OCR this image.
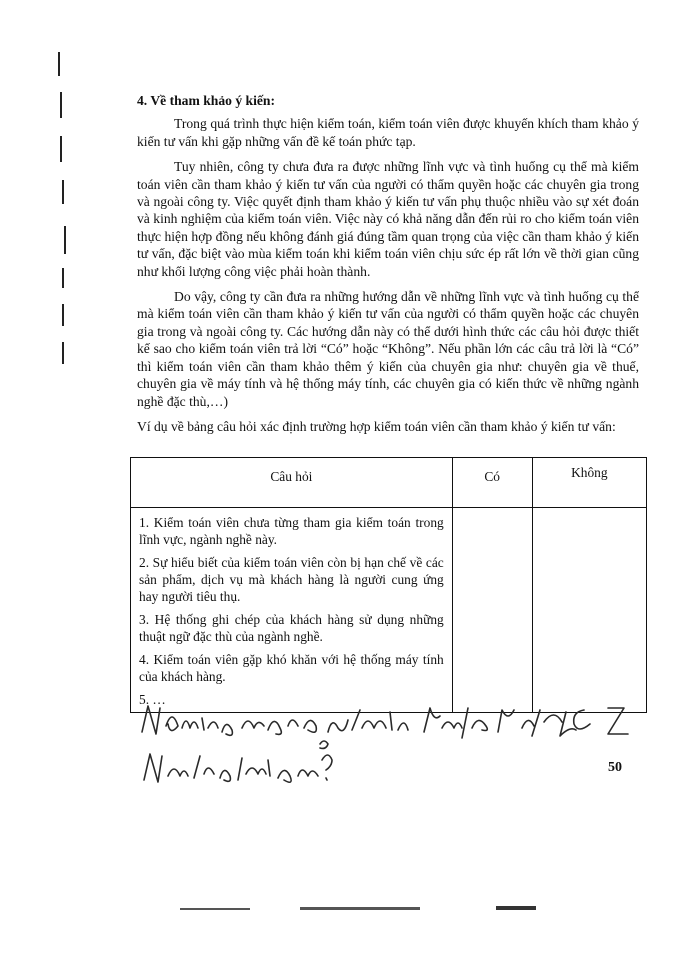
4. Về tham khảo ý kiến:

Trong quá trình thực hiện kiểm toán, kiểm toán viên được khuyến khích tham khảo ý kiến tư vấn khi gặp những vấn đề kế toán phức tạp.

Tuy nhiên, công ty chưa đưa ra được những lĩnh vực và tình huống cụ thể mà kiểm toán viên cần tham khảo ý kiến tư vấn của người có thẩm quyền hoặc các chuyên gia trong và ngoài công ty. Việc quyết định tham khảo ý kiến tư vấn phụ thuộc nhiều vào sự xét đoán và kinh nghiệm của kiểm toán viên. Việc này có khả năng dẫn đến rủi ro cho kiểm toán viên thực hiện hợp đồng nếu không đánh giá đúng tầm quan trọng của việc cần tham khảo ý kiến tư vấn, đặc biệt vào mùa kiểm toán khi kiểm toán viên chịu sức ép rất lớn về thời gian cũng như khối lượng công việc phải hoàn thành.

Do vậy, công ty cần đưa ra những hướng dẫn về những lĩnh vực và tình huống cụ thể mà kiểm toán viên cần tham khảo ý kiến tư vấn của người có thẩm quyền hoặc các chuyên gia trong và ngoài công ty. Các hướng dẫn này có thể dưới hình thức các câu hỏi được thiết kế sao cho kiểm toán viên trả lời “Có” hoặc “Không”. Nếu phần lớn các câu trả lời là “Có” thì kiểm toán viên cần tham khảo thêm ý kiến của chuyên gia như: chuyên gia về thuế, chuyên gia về máy tính và hệ thống máy tính, các chuyên gia có kiến thức về những ngành nghề đặc thù,…)

Ví dụ về bảng câu hỏi xác định trường hợp kiểm toán viên cần tham khảo ý kiến tư vấn:

Câu hỏi	Có	Không

1. Kiểm toán viên chưa từng tham gia kiểm toán trong lĩnh vực, ngành nghề này.

2. Sự hiểu biết của kiểm toán viên còn bị hạn chế về các sản phẩm, dịch vụ mà khách hàng là người cung ứng hay người tiêu thụ.

3. Hệ thống ghi chép của khách hàng sử dụng những thuật ngữ đặc thù của ngành nghề.

4. Kiểm toán viên gặp khó khăn với hệ thống máy tính của khách hàng.

5. …		

50
